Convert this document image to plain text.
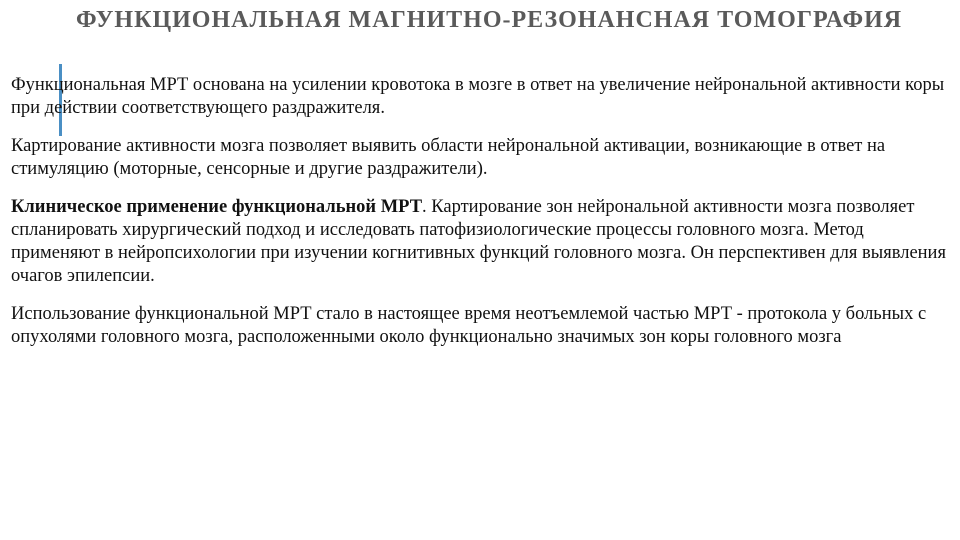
ФУНКЦИОНАЛЬНАЯ МАГНИТНО-РЕЗОНАНСНАЯ ТОМОГРАФИЯ

Функциональная МРТ основана на усилении кровотока в мозге в ответ на увеличение нейрональной активности коры при действии соответствующего раздражителя.

Картирование активности мозга позволяет выявить области нейрональной активации, возникающие в ответ на стимуляцию (моторные, сенсорные и другие раздражители).

Клиническое применение функциональной МРТ. Картирование зон нейрональной активности мозга позволяет спланировать хирургический подход и исследовать патофизиологические процессы головного мозга. Метод применяют в нейропсихологии при изучении когнитивных функций головного мозга. Он перспективен для выявления очагов эпилепсии.

Использование функциональной МРТ стало в настоящее время неотъемлемой частью МРТ - протокола у больных с опухолями головного мозга, расположенными около функционально значимых зон коры головного мозга
